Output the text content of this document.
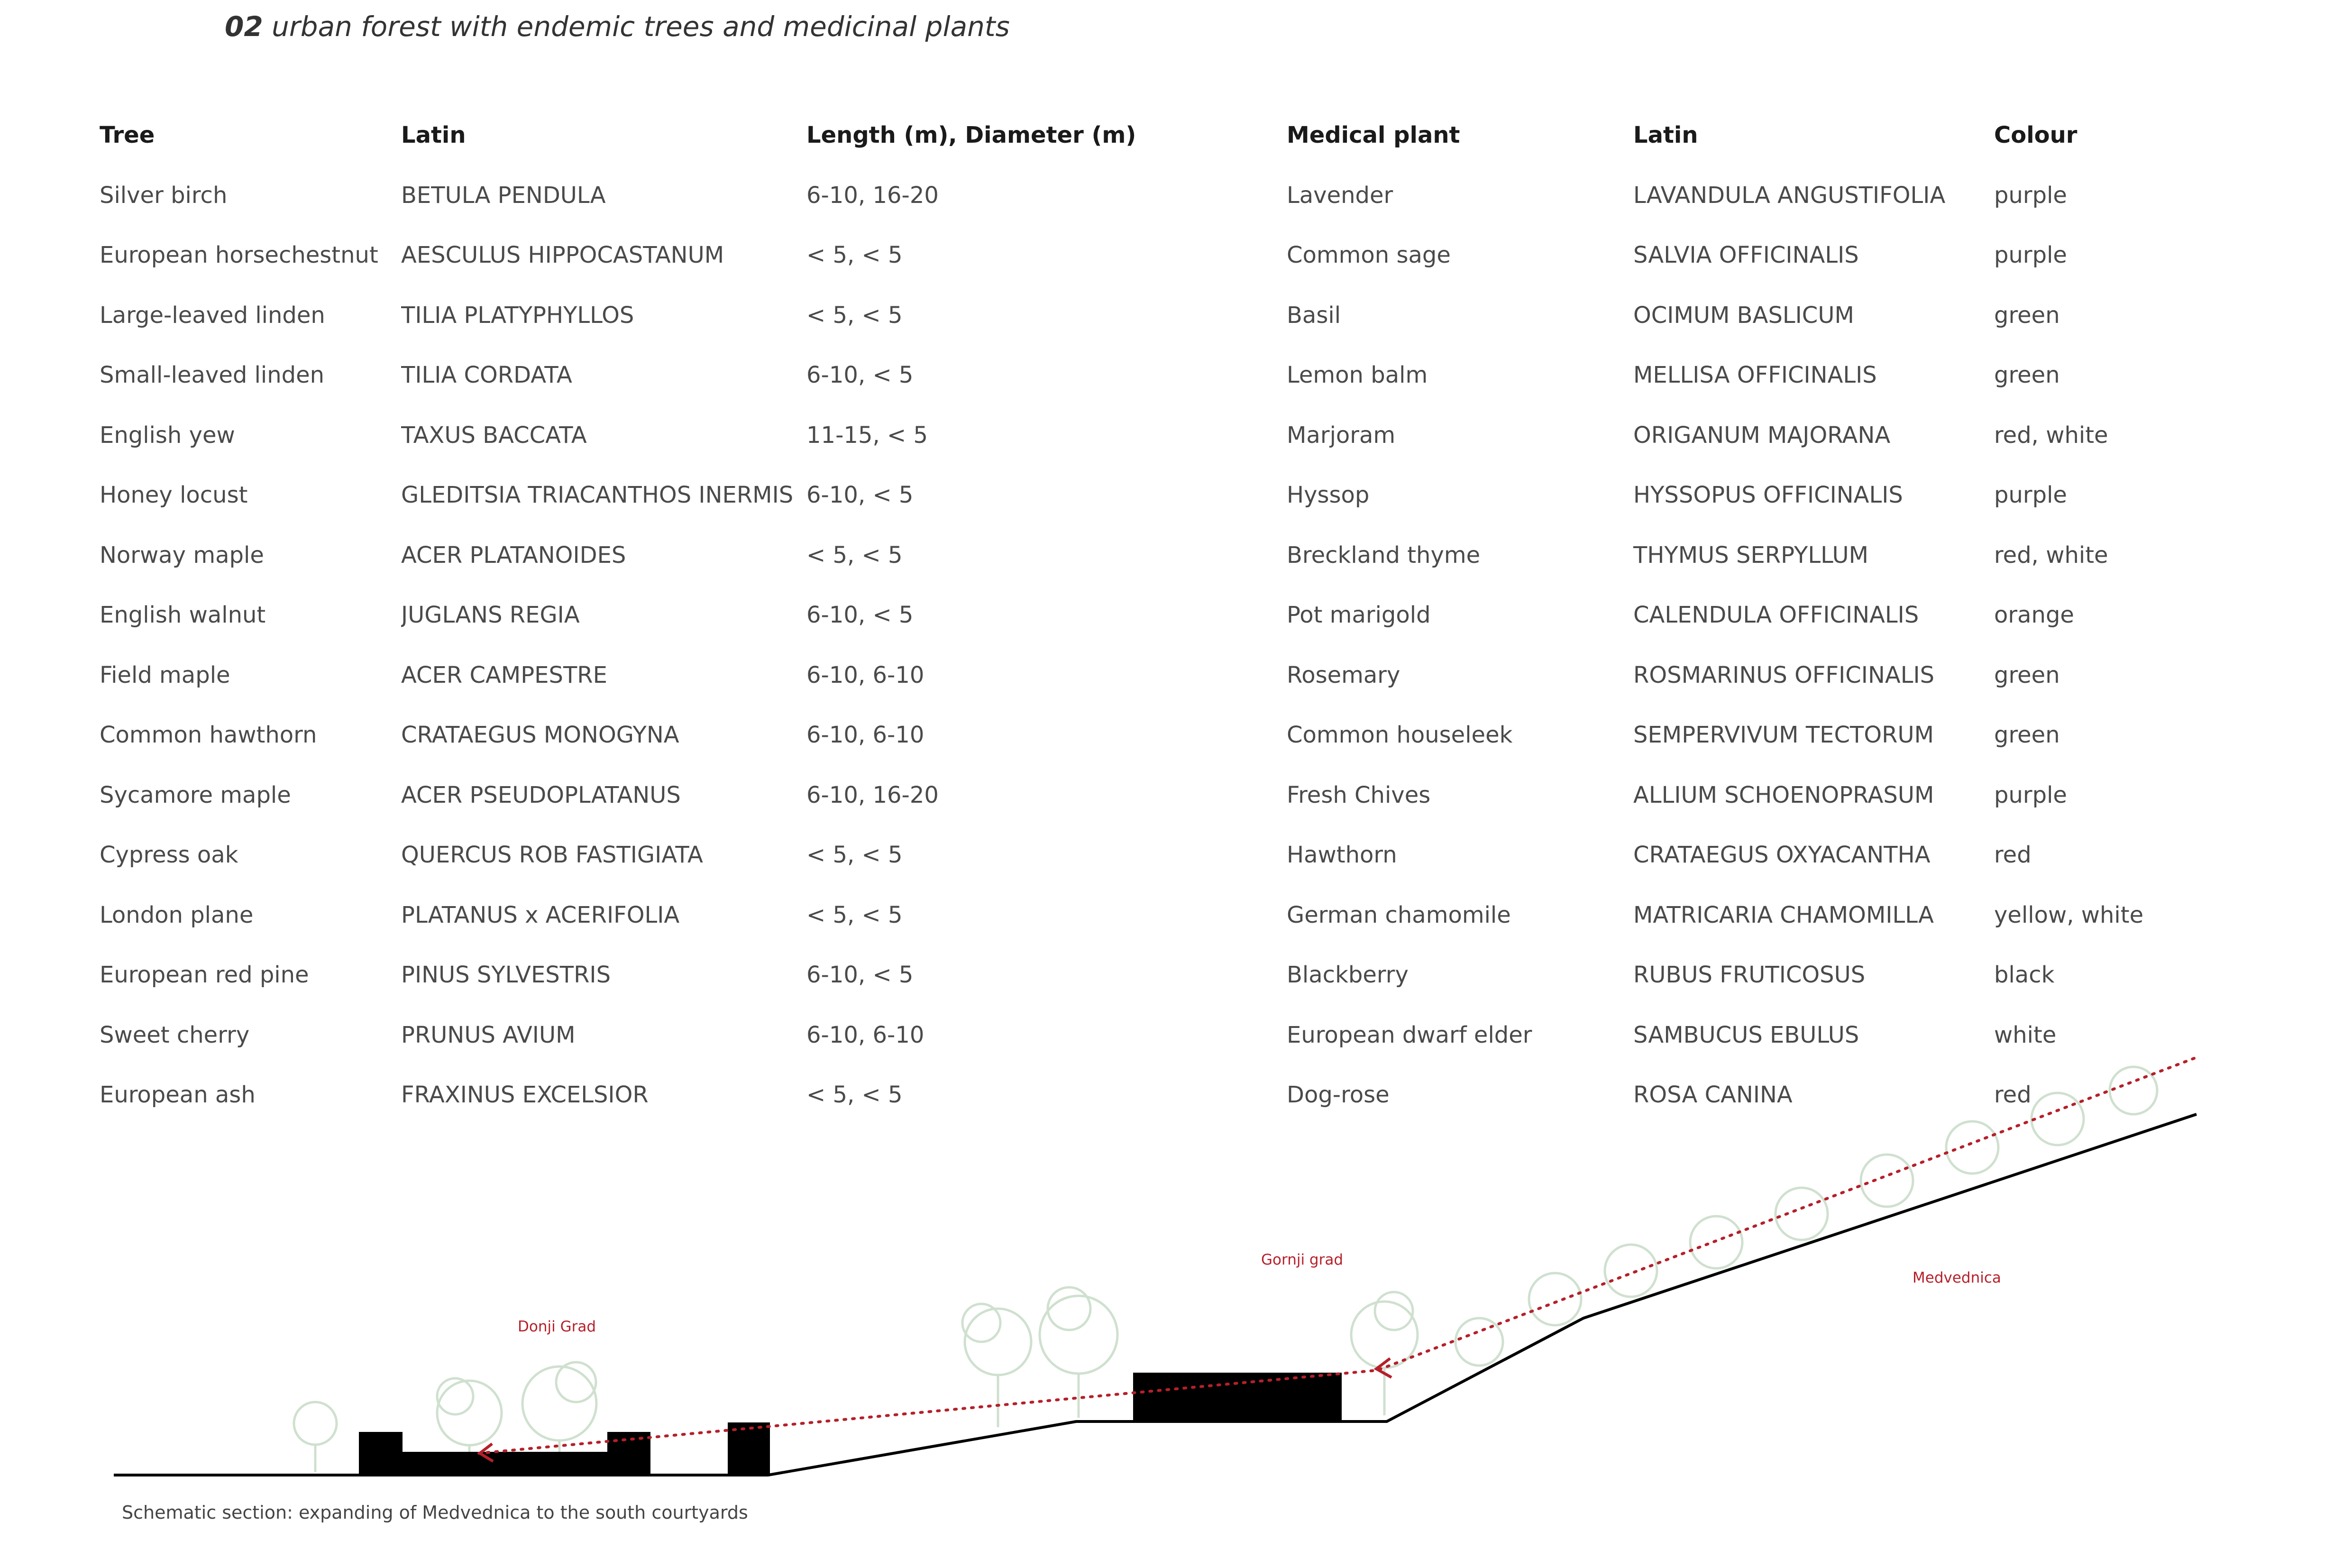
02 urban forest with endemic trees and medicinal plants
Tree	Latin	Length (m), Diameter (m)	Medical plant	Latin	Colour
Silver birch	BETULA PENDULA	6-10, 16-20	Lavender	LAVANDULA ANGUSTIFOLIA	purple
European horsechestnut	AESCULUS HIPPOCASTANUM	< 5, < 5	Common sage	SALVIA OFFICINALIS	purple
Large-leaved linden	TILIA PLATYPHYLLOS	< 5, < 5	Basil	OCIMUM BASLICUM	green
Small-leaved linden	TILIA CORDATA	6-10, < 5	Lemon balm	MELLISA OFFICINALIS	green
English yew	TAXUS BACCATA	11-15, < 5	Marjoram	ORIGANUM MAJORANA	red, white
Honey locust	GLEDITSIA TRIACANTHOS INERMIS	6-10, < 5	Hyssop	HYSSOPUS OFFICINALIS	purple
Norway maple	ACER PLATANOIDES	< 5, < 5	Breckland thyme	THYMUS SERPYLLUM	red, white
English walnut	JUGLANS REGIA	6-10, < 5	Pot marigold	CALENDULA OFFICINALIS	orange
Field maple	ACER CAMPESTRE	6-10, 6-10	Rosemary	ROSMARINUS OFFICINALIS	green
Common hawthorn	CRATAEGUS MONOGYNA	6-10, 6-10	Common houseleek	SEMPERVIVUM TECTORUM	green
Sycamore maple	ACER PSEUDOPLATANUS	6-10, 16-20	Fresh Chives	ALLIUM SCHOENOPRASUM	purple
Cypress oak	QUERCUS ROB FASTIGIATA	< 5, < 5	Hawthorn	CRATAEGUS OXYACANTHA	red
London plane	PLATANUS x ACERIFOLIA	< 5, < 5	German chamomile	MATRICARIA CHAMOMILLA	yellow, white
European red pine	PINUS SYLVESTRIS	6-10, < 5	Blackberry	RUBUS FRUTICOSUS	black
Sweet cherry	PRUNUS AVIUM	6-10, 6-10	European dwarf elder	SAMBUCUS EBULUS	white
European ash	FRAXINUS EXCELSIOR	< 5, < 5	Dog-rose	ROSA CANINA	red
Donji Grad
Gornji grad
Medvednica
Schematic section: expanding of Medvednica to the south courtyards
